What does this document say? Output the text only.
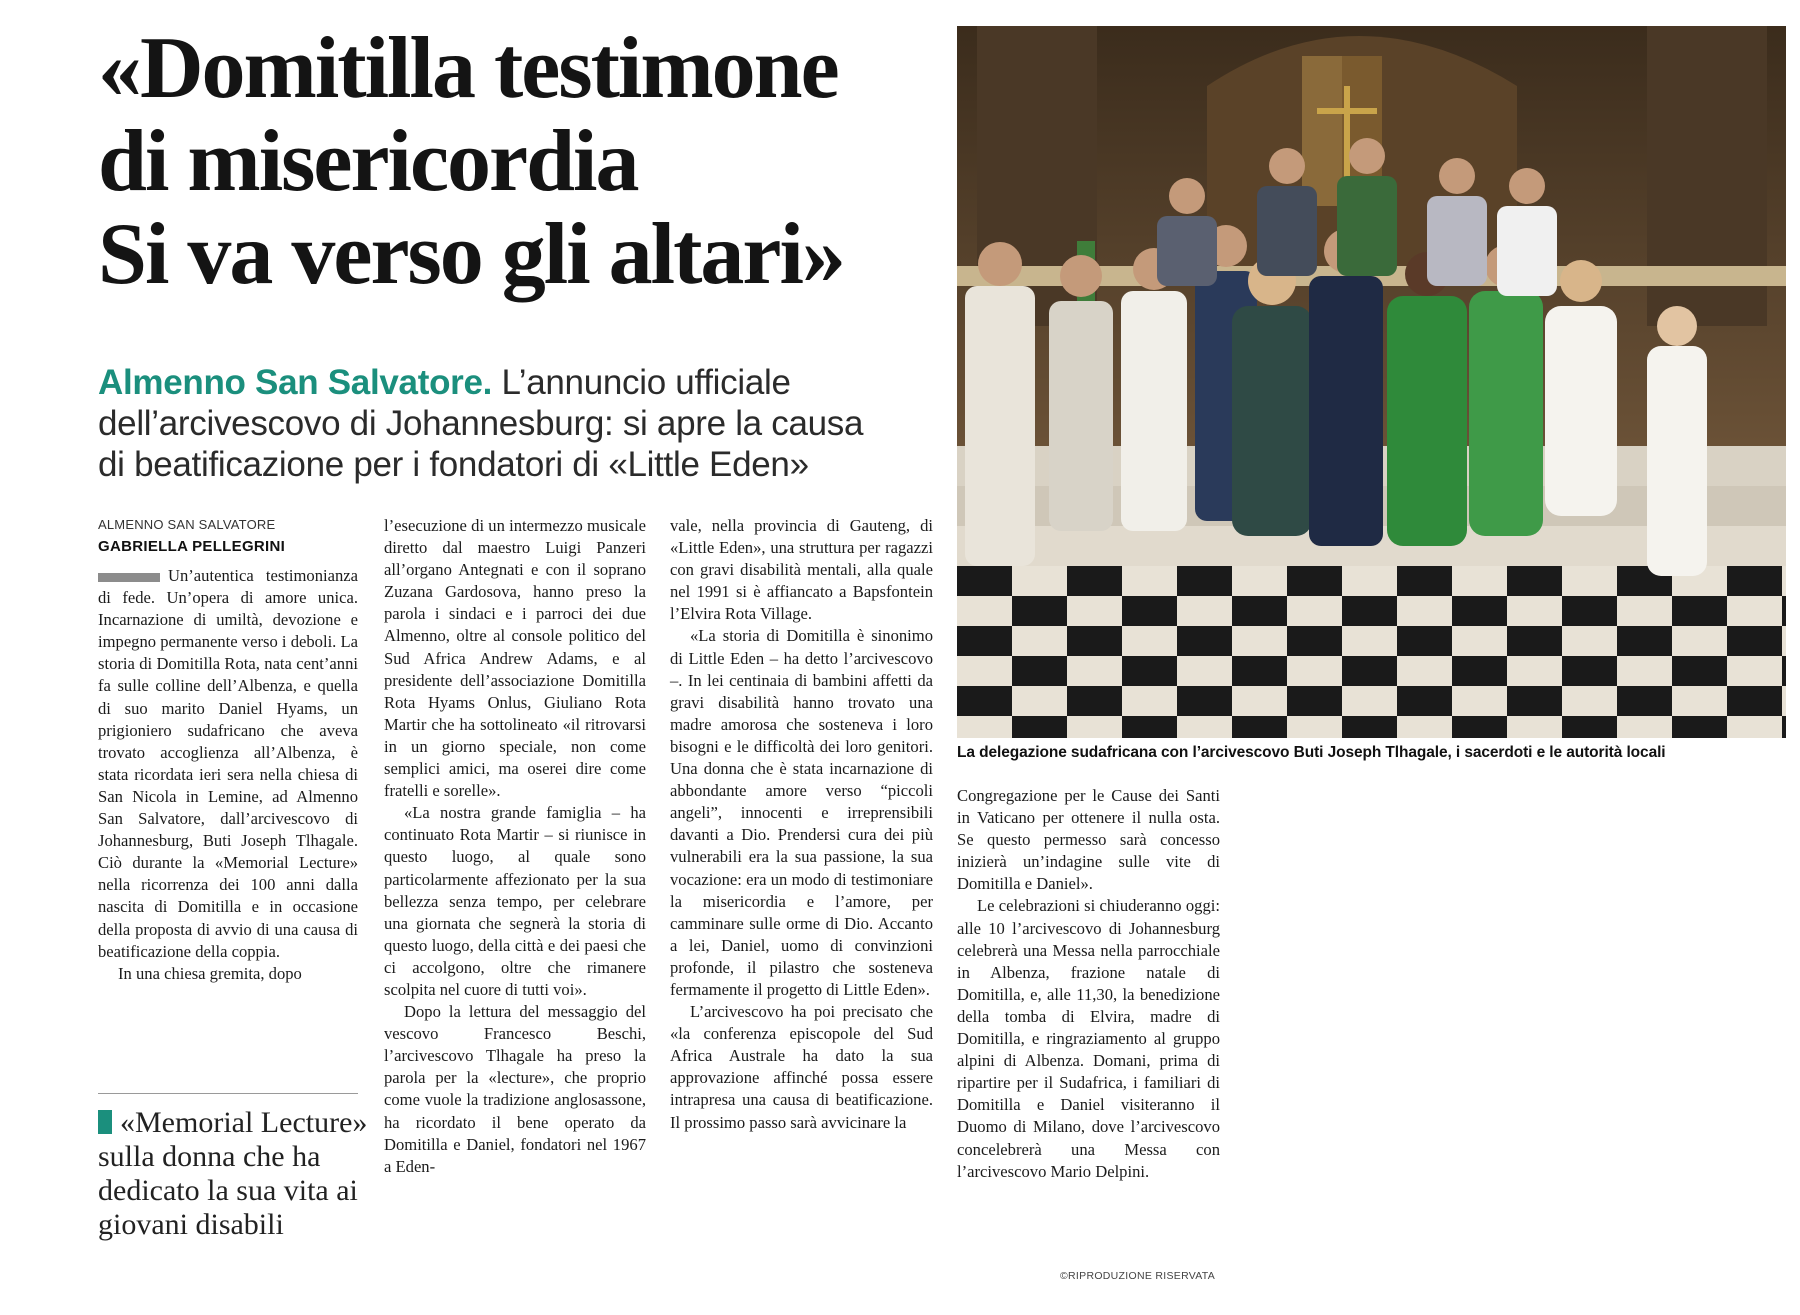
«Domitilla testimone
di misericordia
Si va verso gli altari»
Almenno San Salvatore. L’annuncio ufficiale
dell’arcivescovo di Johannesburg: si apre la causa
di beatificazione per i fondatori di «Little Eden»
ALMENNO SAN SALVATORE
GABRIELLA PELLEGRINI

Un’autentica testimonianza di fede. Un’opera di amore unica. Incarnazione di umiltà, devozione e impegno permanente verso i deboli. La storia di Domitilla Rota, nata cent’anni fa sulle colline dell’Albenza, e quella di suo marito Daniel Hyams, un prigioniero sudafricano che aveva trovato accoglienza all’Albenza, è stata ricordata ieri sera nella chiesa di San Nicola in Lemine, ad Almenno San Salvatore, dall’arcivescovo di Johannesburg, Buti Joseph Tlhagale. Ciò durante la «Memorial Lecture» nella ricorrenza dei 100 anni dalla nascita di Domitilla e in occasione della proposta di avvio di una causa di beatificazione della coppia.

In una chiesa gremita, dopo

«Memorial Lecture» sulla donna che ha dedicato la sua vita ai giovani disabili

l’esecuzione di un intermezzo musicale diretto dal maestro Luigi Panzeri all’organo Antegnati e con il soprano Zuzana Gardosova, hanno preso la parola i sindaci e i parroci dei due Almenno, oltre al console politico del Sud Africa Andrew Adams, e al presidente dell’associazione Domitilla Rota Hyams Onlus, Giuliano Rota Martir che ha sottolineato «il ritrovarsi in un giorno speciale, non come semplici amici, ma oserei dire come fratelli e sorelle».

«La nostra grande famiglia – ha continuato Rota Martir – si riunisce in questo luogo, al quale sono particolarmente affezionato per la sua bellezza senza tempo, per celebrare una giornata che segnerà la storia di questo luogo, della città e dei paesi che ci accolgono, oltre che rimanere scolpita nel cuore di tutti voi».

Dopo la lettura del messaggio del vescovo Francesco Beschi, l’arcivescovo Tlhagale ha preso la parola per la «lecture», che proprio come vuole la tradizione anglosassone, ha ricordato il bene operato da Domitilla e Daniel, fondatori nel 1967 a Eden-

vale, nella provincia di Gauteng, di «Little Eden», una struttura per ragazzi con gravi disabilità mentali, alla quale nel 1991 si è affiancato a Bapsfontein l’Elvira Rota Village.

«La storia di Domitilla è sinonimo di Little Eden – ha detto l’arcivescovo –. In lei centinaia di bambini affetti da gravi disabilità hanno trovato una madre amorosa che sosteneva i loro bisogni e le difficoltà dei loro genitori. Una donna che è stata incarnazione di abbondante amore verso “piccoli angeli”, innocenti e irreprensibili davanti a Dio. Prendersi cura dei più vulnerabili era la sua passione, la sua vocazione: era un modo di testimoniare la misericordia e l’amore, per camminare sulle orme di Dio. Accanto a lei, Daniel, uomo di convinzioni profonde, il pilastro che sosteneva fermamente il progetto di Little Eden».

L’arcivescovo ha poi precisato che «la conferenza episcopole del Sud Africa Australe ha dato la sua approvazione affinché possa essere intrapresa una causa di beatificazione. Il prossimo passo sarà avvicinare la

La delegazione sudafricana con l’arcivescovo Buti Joseph Tlhagale, i sacerdoti e le autorità locali

Congregazione per le Cause dei Santi in Vaticano per ottenere il nulla osta. Se questo permesso sarà concesso inizierà un’indagine sulle vite di Domitilla e Daniel».

Le celebrazioni si chiuderanno oggi: alle 10 l’arcivescovo di Johannesburg celebrerà una Messa nella parrocchiale in Albenza, frazione natale di Domitilla, e, alle 11,30, la benedizione della tomba di Elvira, madre di Domitilla, e ringraziamento al gruppo alpini di Albenza. Domani, prima di ripartire per il Sudafrica, i familiari di Domitilla e Daniel visiteranno il Duomo di Milano, dove l’arcivescovo concelebrerà una Messa con l’arcivescovo Mario Delpini.

©RIPRODUZIONE RISERVATA
